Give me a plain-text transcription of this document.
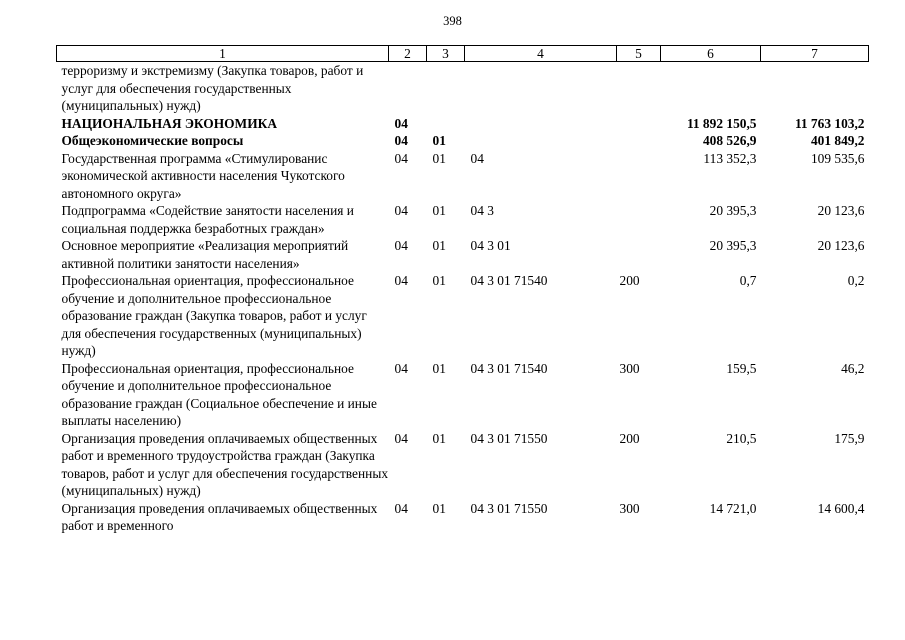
398
1	2	3	4	5	6	7
терроризму и экстремизму (Закупка товаров, работ и услуг для обеспечения государственных (муниципальных) нужд)						
НАЦИОНАЛЬНАЯ ЭКОНОМИКА	04				11 892 150,5	11 763 103,2
Общеэкономические вопросы	04	01			408 526,9	401 849,2
Государственная программа «Стимулированис экономической активности населения Чукотского автономного округа»	04	01	04		113 352,3	109 535,6
Подпрограмма «Содействие занятости населения и социальная поддержка безработных граждан»	04	01	04 3		20 395,3	20 123,6
Основное мероприятие «Реализация мероприятий активной политики занятости населения»	04	01	04 3 01		20 395,3	20 123,6
Профессиональная ориентация, профессиональное обучение и дополнительное профессиональное образование граждан (Закупка товаров, работ и услуг для обеспечения государственных (муниципальных) нужд)	04	01	04 3 01 71540	200	0,7	0,2
Профессиональная ориентация, профессиональное обучение и дополнительное профессиональное образование граждан (Социальное обеспечение и иные выплаты населению)	04	01	04 3 01 71540	300	159,5	46,2
Организация проведения оплачиваемых общественных работ и временного трудоустройства граждан (Закупка товаров, работ и услуг для обеспечения государственных (муниципальных) нужд)	04	01	04 3 01 71550	200	210,5	175,9
Организация проведения оплачиваемых общественных работ и временного	04	01	04 3 01 71550	300	14 721,0	14 600,4
